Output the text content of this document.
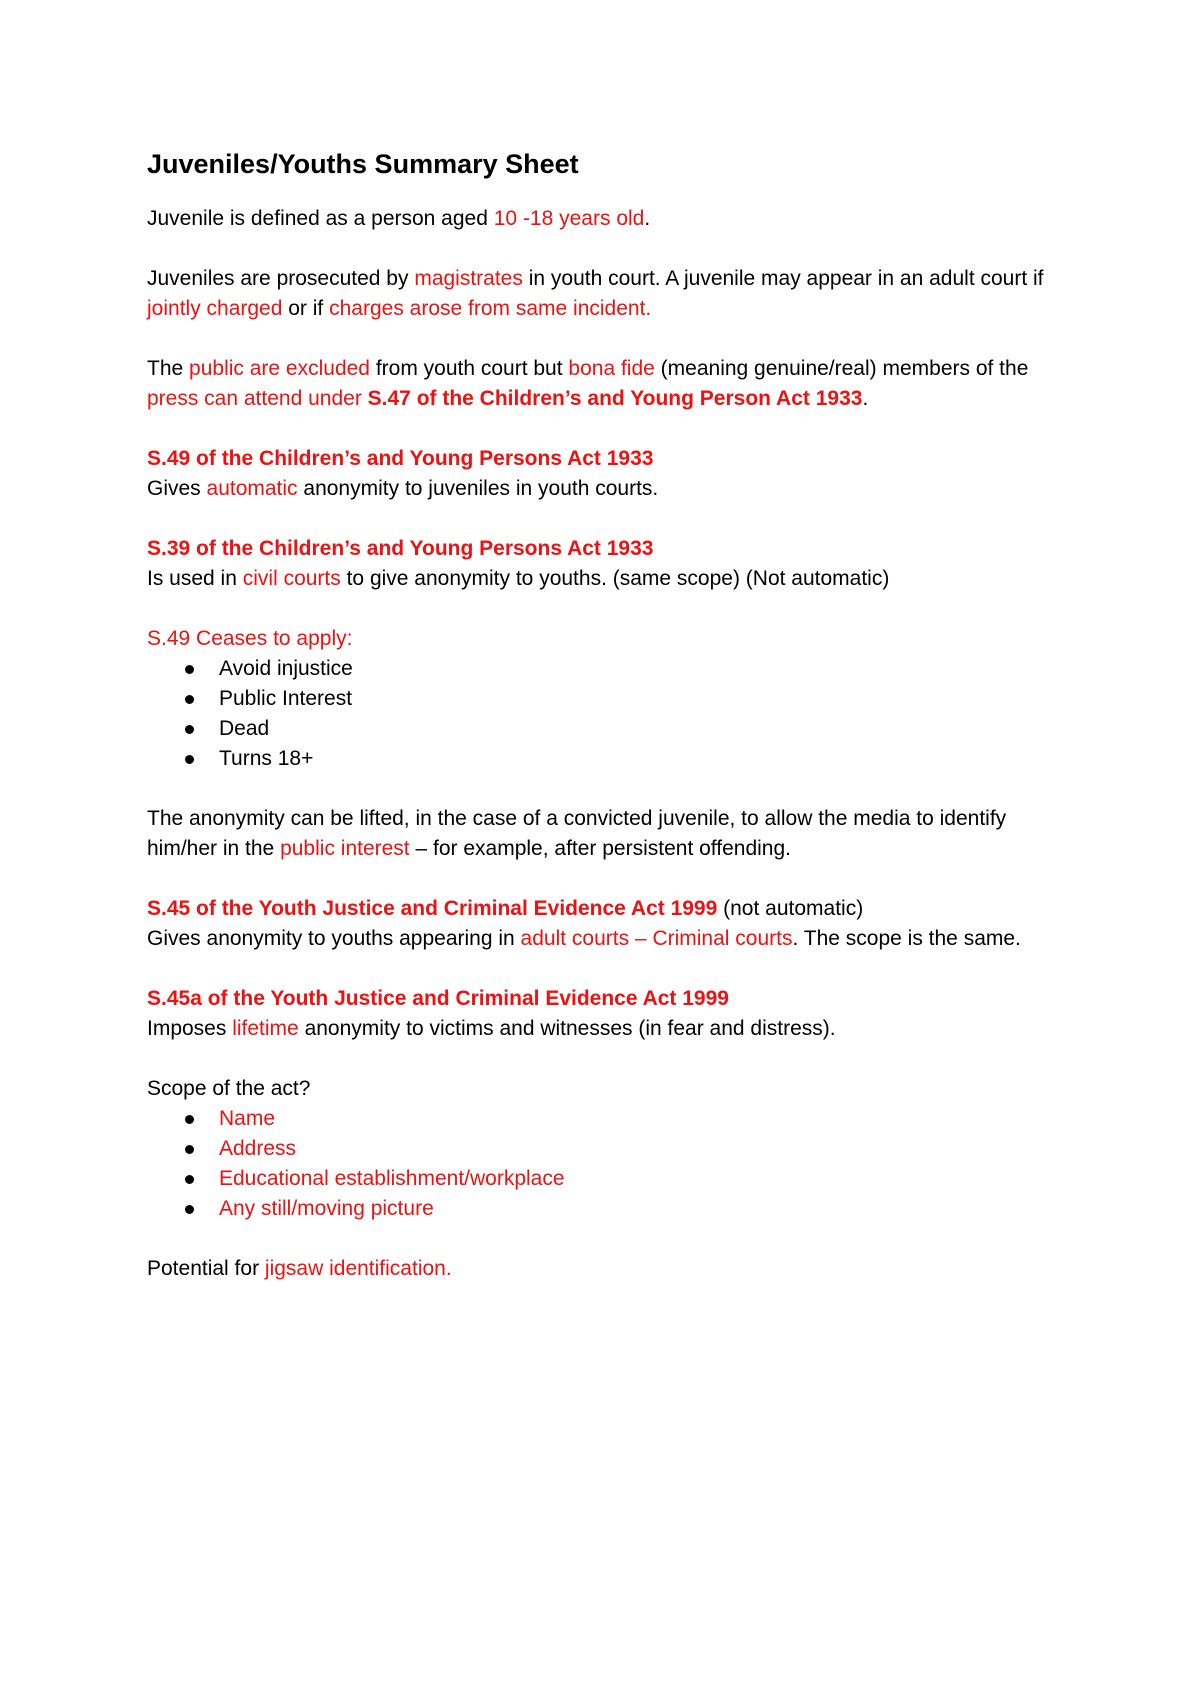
Juveniles/Youths Summary Sheet

Juvenile is defined as a person aged 10 -18 years old.

Juveniles are prosecuted by magistrates in youth court. A juvenile may appear in an adult court if jointly charged or if charges arose from same incident.

The public are excluded from youth court but bona fide (meaning genuine/real) members of the press can attend under S.47 of the Children’s and Young Person Act 1933.

S.49 of the Children’s and Young Persons Act 1933
Gives automatic anonymity to juveniles in youth courts.

S.39 of the Children’s and Young Persons Act 1933
Is used in civil courts to give anonymity to youths. (same scope) (Not automatic)

S.49 Ceases to apply:
Avoid injustice
Public Interest
Dead
Turns 18+

The anonymity can be lifted, in the case of a convicted juvenile, to allow the media to identify him/her in the public interest – for example, after persistent offending.

S.45 of the Youth Justice and Criminal Evidence Act 1999 (not automatic)
Gives anonymity to youths appearing in adult courts – Criminal courts. The scope is the same.

S.45a of the Youth Justice and Criminal Evidence Act 1999
Imposes lifetime anonymity to victims and witnesses (in fear and distress).

Scope of the act?
Name
Address
Educational establishment/workplace
Any still/moving picture

Potential for jigsaw identification.
